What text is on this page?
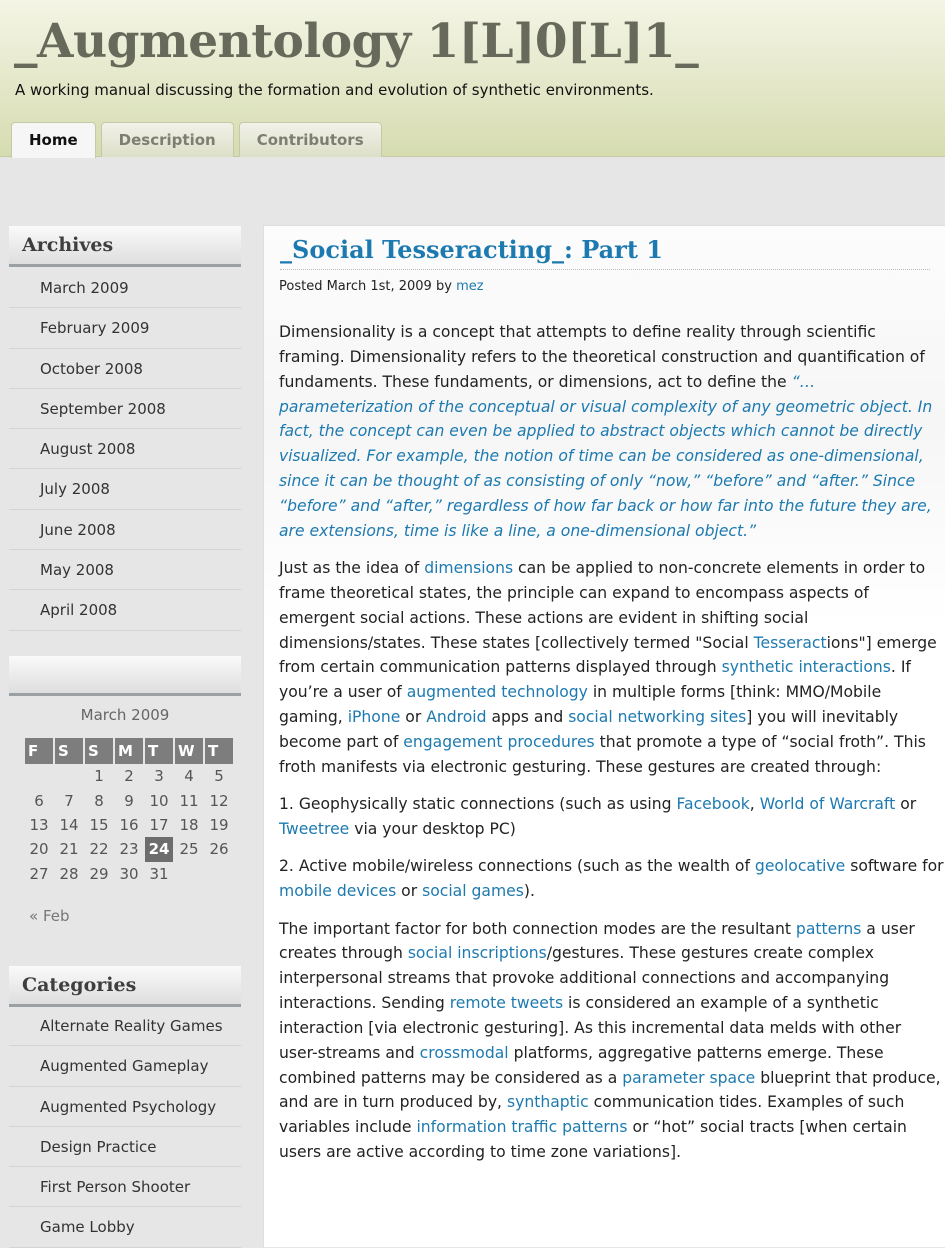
_Augmentology 1[L]0[L]1_
A working manual discussing the formation and evolution of synthetic environments.
Home	Description	Contributors
Archives
March 2009
February 2009
October 2008
September 2008
August 2008
July 2008
June 2008
May 2008
April 2008
March 2009
F	S	S	M	T	W	T
		1	2	3	4	5
6	7	8	9	10	11	12
13	14	15	16	17	18	19
20	21	22	23	24	25	26
27	28	29	30	31		
« Feb
Categories
Alternate Reality Games
Augmented Gameplay
Augmented Psychology
Design Practice
First Person Shooter
Game Lobby
_Social Tesseracting_: Part 1
Posted March 1st, 2009 by mez

Dimensionality is a concept that attempts to define reality through scientific framing. Dimensionality refers to the theoretical construction and quantification of fundaments. These fundaments, or dimensions, act to define the “…parameterization of the conceptual or visual complexity of any geometric object. In fact, the concept can even be applied to abstract objects which cannot be directly visualized. For example, the notion of time can be considered as one-dimensional, since it can be thought of as consisting of only “now,” “before” and “after.” Since “before” and “after,” regardless of how far back or how far into the future they are, are extensions, time is like a line, a one-dimensional object.”

Just as the idea of dimensions can be applied to non-concrete elements in order to frame theoretical states, the principle can expand to encompass aspects of emergent social actions. These actions are evident in shifting social dimensions/states. These states [collectively termed "Social Tesseractions"] emerge from certain communication patterns displayed through synthetic interactions. If you’re a user of augmented technology in multiple forms [think: MMO/Mobile gaming, iPhone or Android apps and social networking sites] you will inevitably become part of engagement procedures that promote a type of “social froth”. This froth manifests via electronic gesturing. These gestures are created through:

1. Geophysically static connections (such as using Facebook, World of Warcraft or Tweetree via your desktop PC)

2. Active mobile/wireless connections (such as the wealth of geolocative software for mobile devices or social games).

The important factor for both connection modes are the resultant patterns a user creates through social inscriptions/gestures. These gestures create complex interpersonal streams that provoke additional connections and accompanying interactions. Sending remote tweets is considered an example of a synthetic interaction [via electronic gesturing]. As this incremental data melds with other user-streams and crossmodal platforms, aggregative patterns emerge. These combined patterns may be considered as a parameter space blueprint that produce, and are in turn produced by, synthaptic communication tides. Examples of such variables include information traffic patterns or “hot” social tracts [when certain users are active according to time zone variations].
